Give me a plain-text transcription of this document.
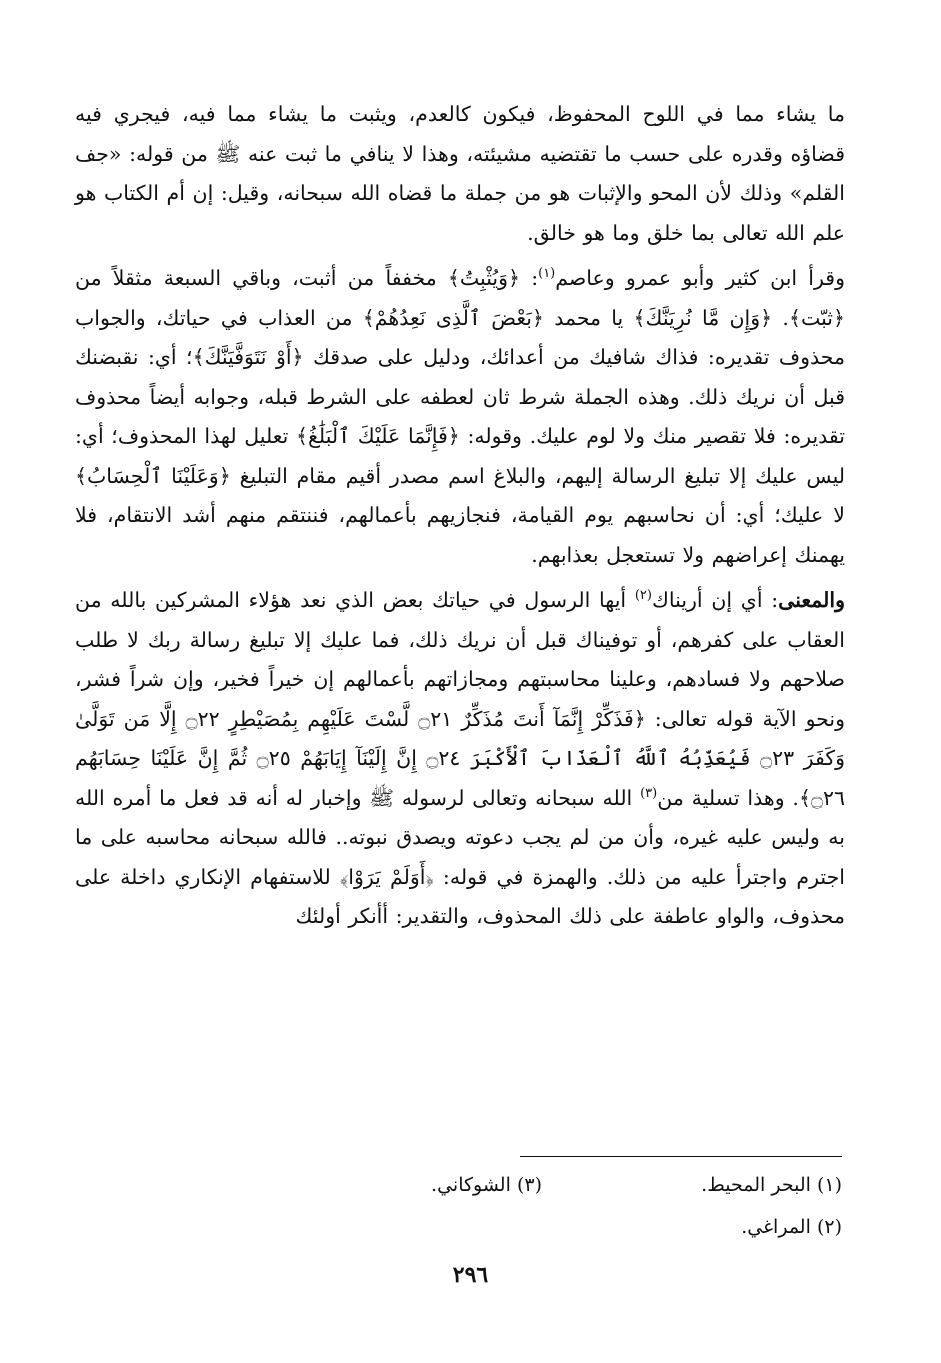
ما يشاء مما في اللوح المحفوظ، فيكون كالعدم، ويثبت ما يشاء مما فيه، فيجري فيه قضاؤه وقدره على حسب ما تقتضيه مشيئته، وهذا لا ينافي ما ثبت عنه ﷺ من قوله: «جف القلم» وذلك لأن المحو والإثبات هو من جملة ما قضاه الله سبحانه، وقيل: إن أم الكتاب هو علم الله تعالى بما خلق وما هو خالق.

وقرأ ابن كثير وأبو عمرو وعاصم$^{(١)}$: ﴿وَيُثْبِتُ﴾ مخففاً من أثبت، وباقي السبعة مثقلاً من ﴿ثبّت﴾. ﴿وَإِن مَّا نُرِيَنَّكَ﴾ يا محمد ﴿بَعْضَ ٱلَّذِى نَعِدُهُمْ﴾ من العذاب في حياتك، والجواب محذوف تقديره: فذاك شافيك من أعدائك، ودليل على صدقك ﴿أَوْ نَتَوَفَّيَنَّكَ﴾؛ أي: نقبضنك قبل أن نريك ذلك. وهذه الجملة شرط ثان لعطفه على الشرط قبله، وجوابه أيضاً محذوف تقديره: فلا تقصير منك ولا لوم عليك. وقوله: ﴿فَإِنَّمَا عَلَيْكَ ٱلْبَلَٰغُ﴾ تعليل لهذا المحذوف؛ أي: ليس عليك إلا تبليغ الرسالة إليهم، والبلاغ اسم مصدر أقيم مقام التبليغ ﴿وَعَلَيْنَا ٱلْحِسَابُ﴾ لا عليك؛ أي: أن نحاسبهم يوم القيامة، فنجازيهم بأعمالهم، فننتقم منهم أشد الانتقام، فلا يهمنك إعراضهم ولا تستعجل بعذابهم.

والمعنى: أي إن أريناك$^{(٢)}$ أيها الرسول في حياتك بعض الذي نعد هؤلاء المشركين بالله من العقاب على كفرهم، أو توفيناك قبل أن نريك ذلك، فما عليك إلا تبليغ رسالة ربك لا طلب صلاحهم ولا فسادهم، وعلينا محاسبتهم ومجازاتهم بأعمالهم إن خيراً فخير، وإن شراً فشر، ونحو الآية قوله تعالى: ﴿فَذَكِّرْ إِنَّمَآ أَنتَ مُذَكِّرٌ ۝٢١ لَّسْتَ عَلَيْهِم بِمُصَيْطِرٍ ۝٢٢ إِلَّا مَن تَوَلَّىٰ وَكَفَرَ ۝٢٣ فَيُعَذِّبُهُ ٱللَّهُ ٱلْعَذَابَ ٱلْأَكْبَرَ ۝٢٤ إِنَّ إِلَيْنَآ إِيَابَهُمْ ۝٢٥ ثُمَّ إِنَّ عَلَيْنَا حِسَابَهُم ۝٢٦﴾. وهذا تسلية من$^{(٣)}$ الله سبحانه وتعالى لرسوله ﷺ وإخبار له أنه قد فعل ما أمره الله به وليس عليه غيره، وأن من لم يجب دعوته ويصدق نبوته.. فالله سبحانه محاسبه على ما اجترم واجترأ عليه من ذلك. والهمزة في قوله: ﴿أَوَلَمْ يَرَوْا﴾ للاستفهام الإنكاري داخلة على محذوف، والواو عاطفة على ذلك المحذوف، والتقدير: أأنكر أولئك

(١) البحر المحيط.
(٣) الشوكاني.
(٢) المراغي.
٢٩٦
